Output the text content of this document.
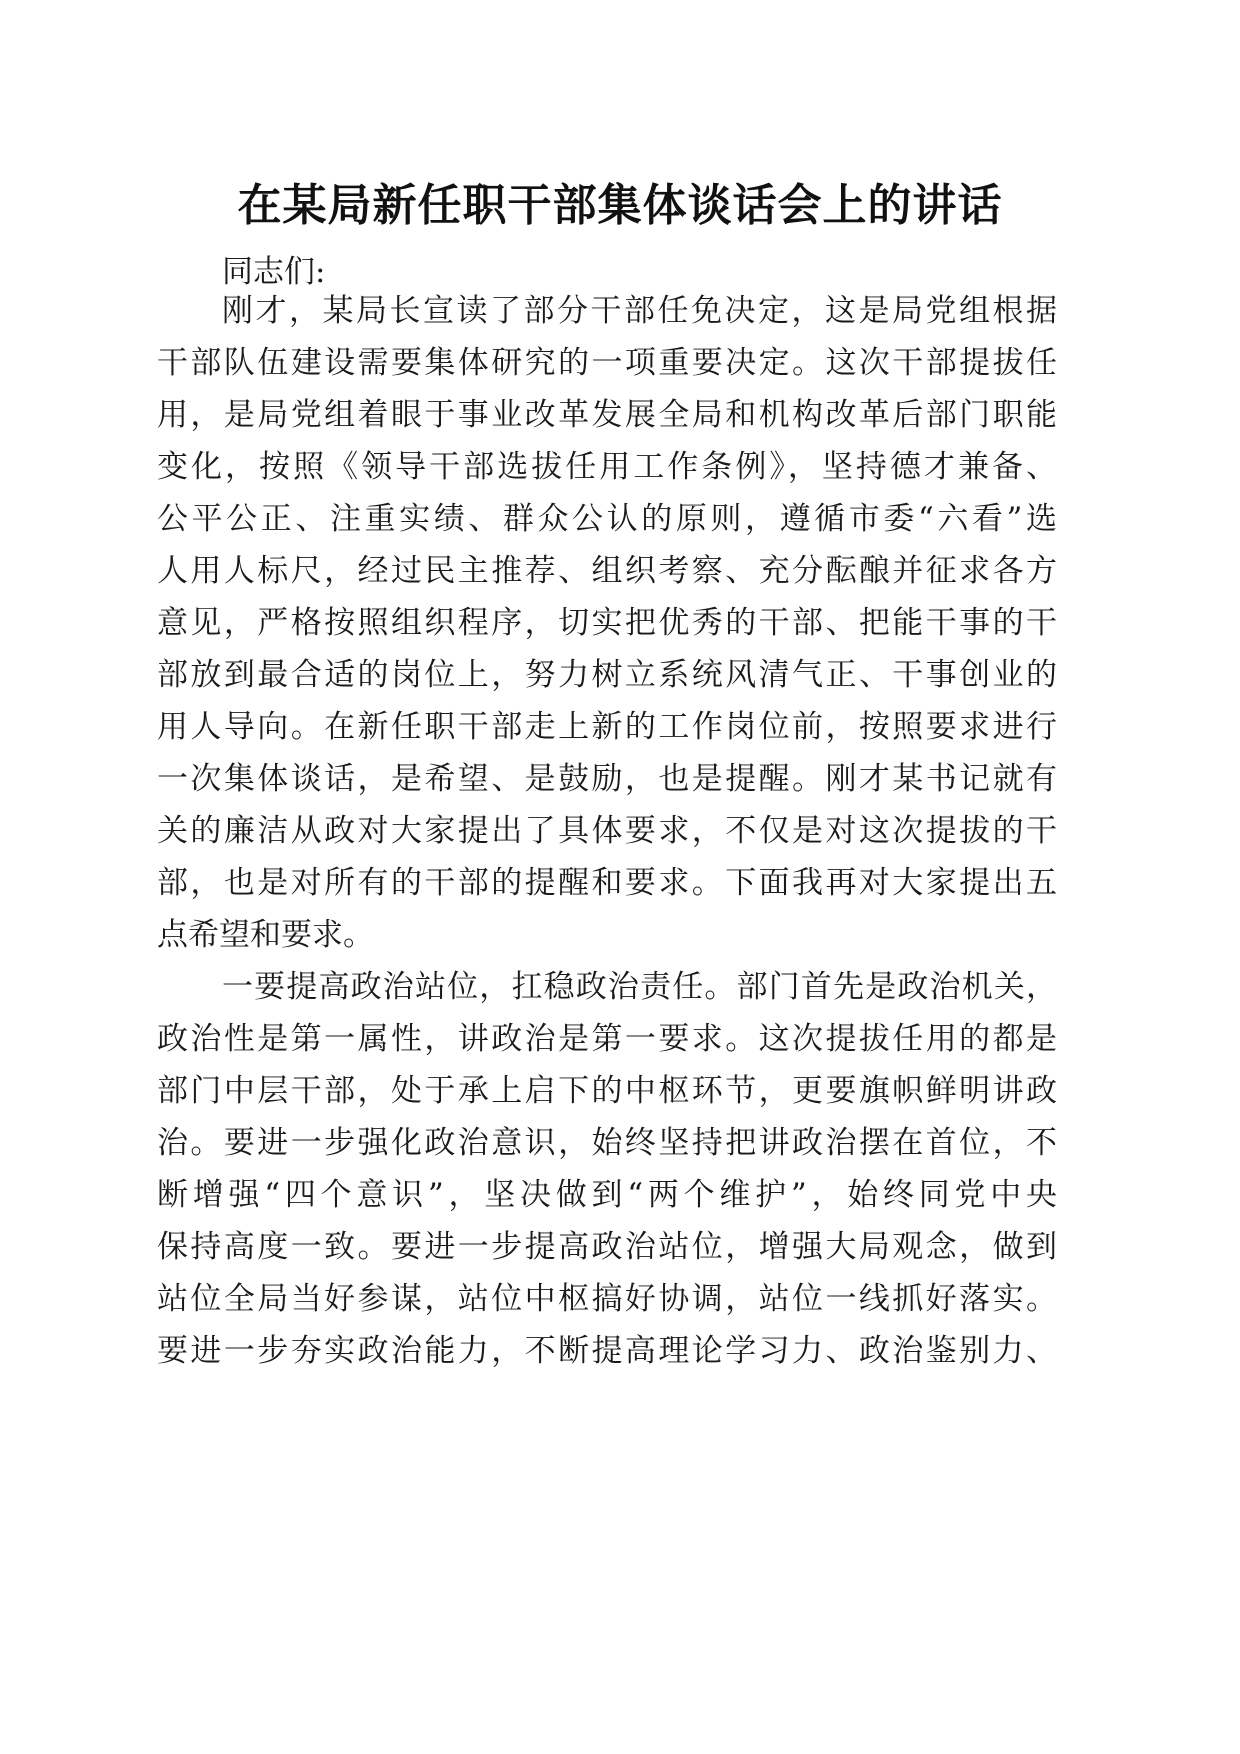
在某局新任职干部集体谈话会上的讲话

同志们:

刚才，某局长宣读了部分干部任免决定，这是局党组根据

干部队伍建设需要集体研究的一项重要决定。这次干部提拔任

用，是局党组着眼于事业改革发展全局和机构改革后部门职能

变化，按照《领导干部选拔任用工作条例》，坚持德才兼备、

公平公正、注重实绩、群众公认的原则，遵循市委“六看”选

人用人标尺，经过民主推荐、组织考察、充分酝酿并征求各方

意见，严格按照组织程序，切实把优秀的干部、把能干事的干

部放到最合适的岗位上，努力树立系统风清气正、干事创业的

用人导向。在新任职干部走上新的工作岗位前，按照要求进行

一次集体谈话，是希望、是鼓励，也是提醒。刚才某书记就有

关的廉洁从政对大家提出了具体要求，不仅是对这次提拔的干

部，也是对所有的干部的提醒和要求。下面我再对大家提出五

点希望和要求。

一要提高政治站位，扛稳政治责任。部门首先是政治机关，

政治性是第一属性，讲政治是第一要求。这次提拔任用的都是

部门中层干部，处于承上启下的中枢环节，更要旗帜鲜明讲政

治。要进一步强化政治意识，始终坚持把讲政治摆在首位，不

断增强“四个意识”，坚决做到“两个维护”，始终同党中央

保持高度一致。要进一步提高政治站位，增强大局观念，做到

站位全局当好参谋，站位中枢搞好协调，站位一线抓好落实。

要进一步夯实政治能力，不断提高理论学习力、政治鉴别力、
